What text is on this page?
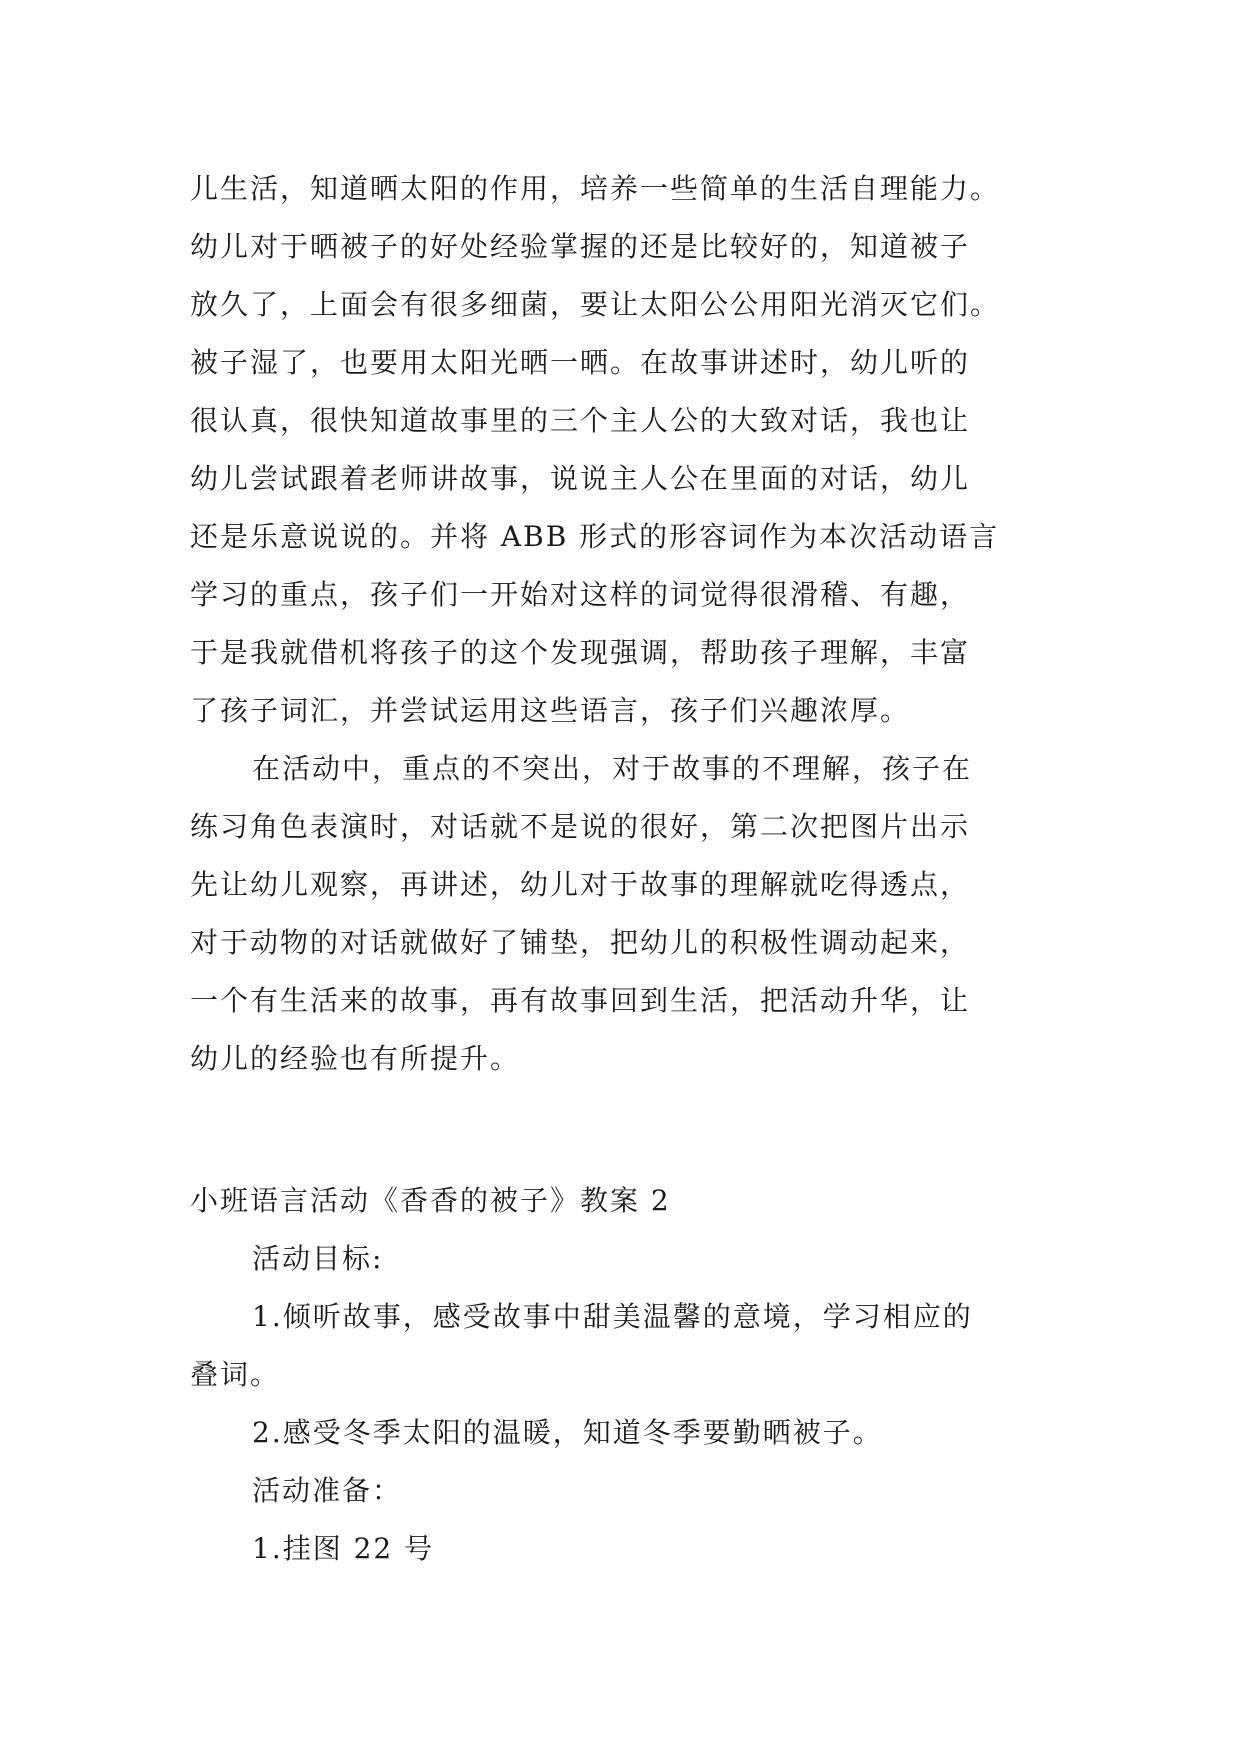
儿生活，知道晒太阳的作用，培养一些简单的生活自理能力。
幼儿对于晒被子的好处经验掌握的还是比较好的，知道被子
放久了，上面会有很多细菌，要让太阳公公用阳光消灭它们。
被子湿了，也要用太阳光晒一晒。在故事讲述时，幼儿听的
很认真，很快知道故事里的三个主人公的大致对话，我也让
幼儿尝试跟着老师讲故事，说说主人公在里面的对话，幼儿
还是乐意说说的。并将 ABB 形式的形容词作为本次活动语言
学习的重点，孩子们一开始对这样的词觉得很滑稽、有趣，
于是我就借机将孩子的这个发现强调，帮助孩子理解，丰富
了孩子词汇，并尝试运用这些语言，孩子们兴趣浓厚。
在活动中，重点的不突出，对于故事的不理解，孩子在
练习角色表演时，对话就不是说的很好，第二次把图片出示
先让幼儿观察，再讲述，幼儿对于故事的理解就吃得透点，
对于动物的对话就做好了铺垫，把幼儿的积极性调动起来，
一个有生活来的故事，再有故事回到生活，把活动升华，让
幼儿的经验也有所提升。
小班语言活动《香香的被子》教案 2
活动目标:
1.倾听故事，感受故事中甜美温馨的意境，学习相应的
叠词。
2.感受冬季太阳的温暖，知道冬季要勤晒被子。
活动准备：
1.挂图 22 号
